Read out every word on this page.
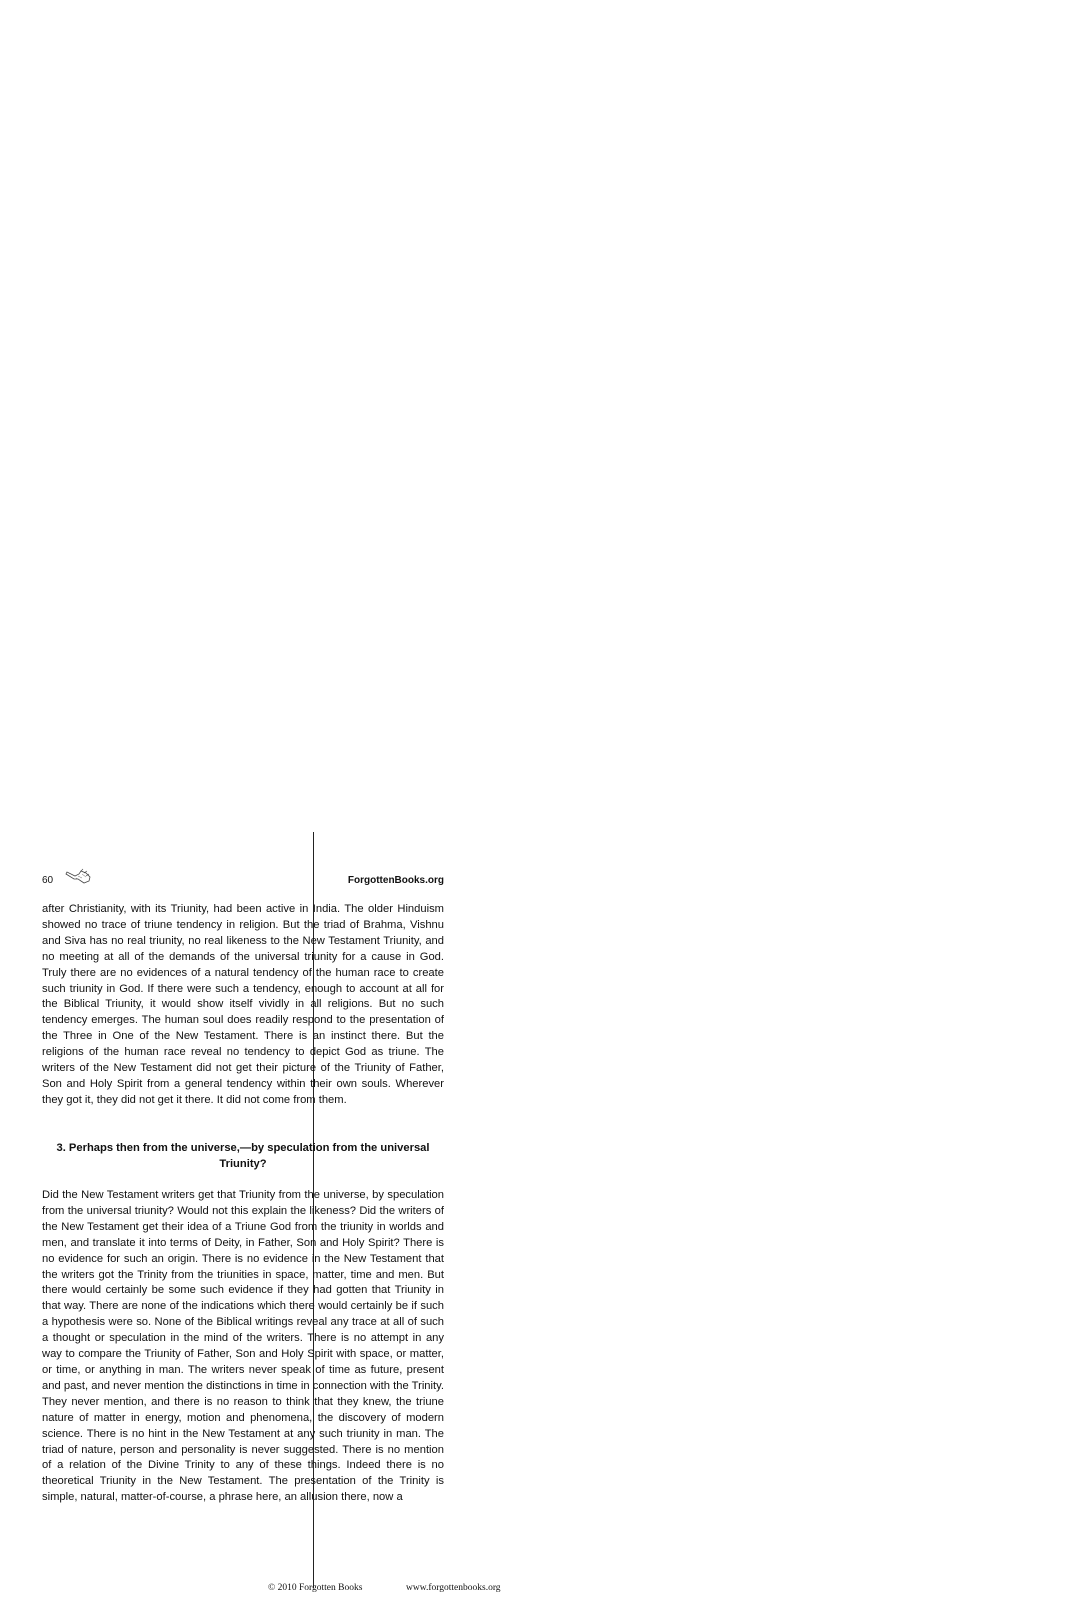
60	ForgottenBooks.org

after Christianity, with its Triunity, had been active in India. The older Hinduism showed no trace of triune tendency in religion. But the triad of Brahma, Vishnu and Siva has no real triunity, no real likeness to the New Testament Triunity, and no meeting at all of the demands of the universal triunity for a cause in God. Truly there are no evidences of a natural tendency of the human race to create such triunity in God. If there were such a tendency, enough to account at all for the Biblical Triunity, it would show itself vividly in all religions. But no such tendency emerges. The human soul does readily respond to the presentation of the Three in One of the New Testament. There is an instinct there. But the religions of the human race reveal no tendency to depict God as triune. The writers of the New Testament did not get their picture of the Triunity of Father, Son and Holy Spirit from a general tendency within their own souls. Wherever they got it, they did not get it there. It did not come from them.

3. Perhaps then from the universe,—by speculation from the universal Triunity?

Did the New Testament writers get that Triunity from the universe, by speculation from the universal triunity? Would not this explain the likeness? Did the writers of the New Testament get their idea of a Triune God from the triunity in worlds and men, and translate it into terms of Deity, in Father, Son and Holy Spirit? There is no evidence for such an origin. There is no evidence in the New Testament that the writers got the Trinity from the triunities in space, matter, time and men. But there would certainly be some such evidence if they had gotten that Triunity in that way. There are none of the indications which there would certainly be if such a hypothesis were so. None of the Biblical writings reveal any trace at all of such a thought or speculation in the mind of the writers. There is no attempt in any way to compare the Triunity of Father, Son and Holy Spirit with space, or matter, or time, or anything in man. The writers never speak of time as future, present and past, and never mention the distinctions in time in connection with the Trinity. They never mention, and there is no reason to think that they knew, the triune nature of matter in energy, motion and phenomena, the discovery of modern science. There is no hint in the New Testament at any such triunity in man. The triad of nature, person and personality is never suggested. There is no mention of a relation of the Divine Trinity to any of these things. Indeed there is no theoretical Triunity in the New Testament. The presentation of the Trinity is simple, natural, matter-of-course, a phrase here, an allusion there, now a

© 2010 Forgotten Books	www.forgottenbooks.org
